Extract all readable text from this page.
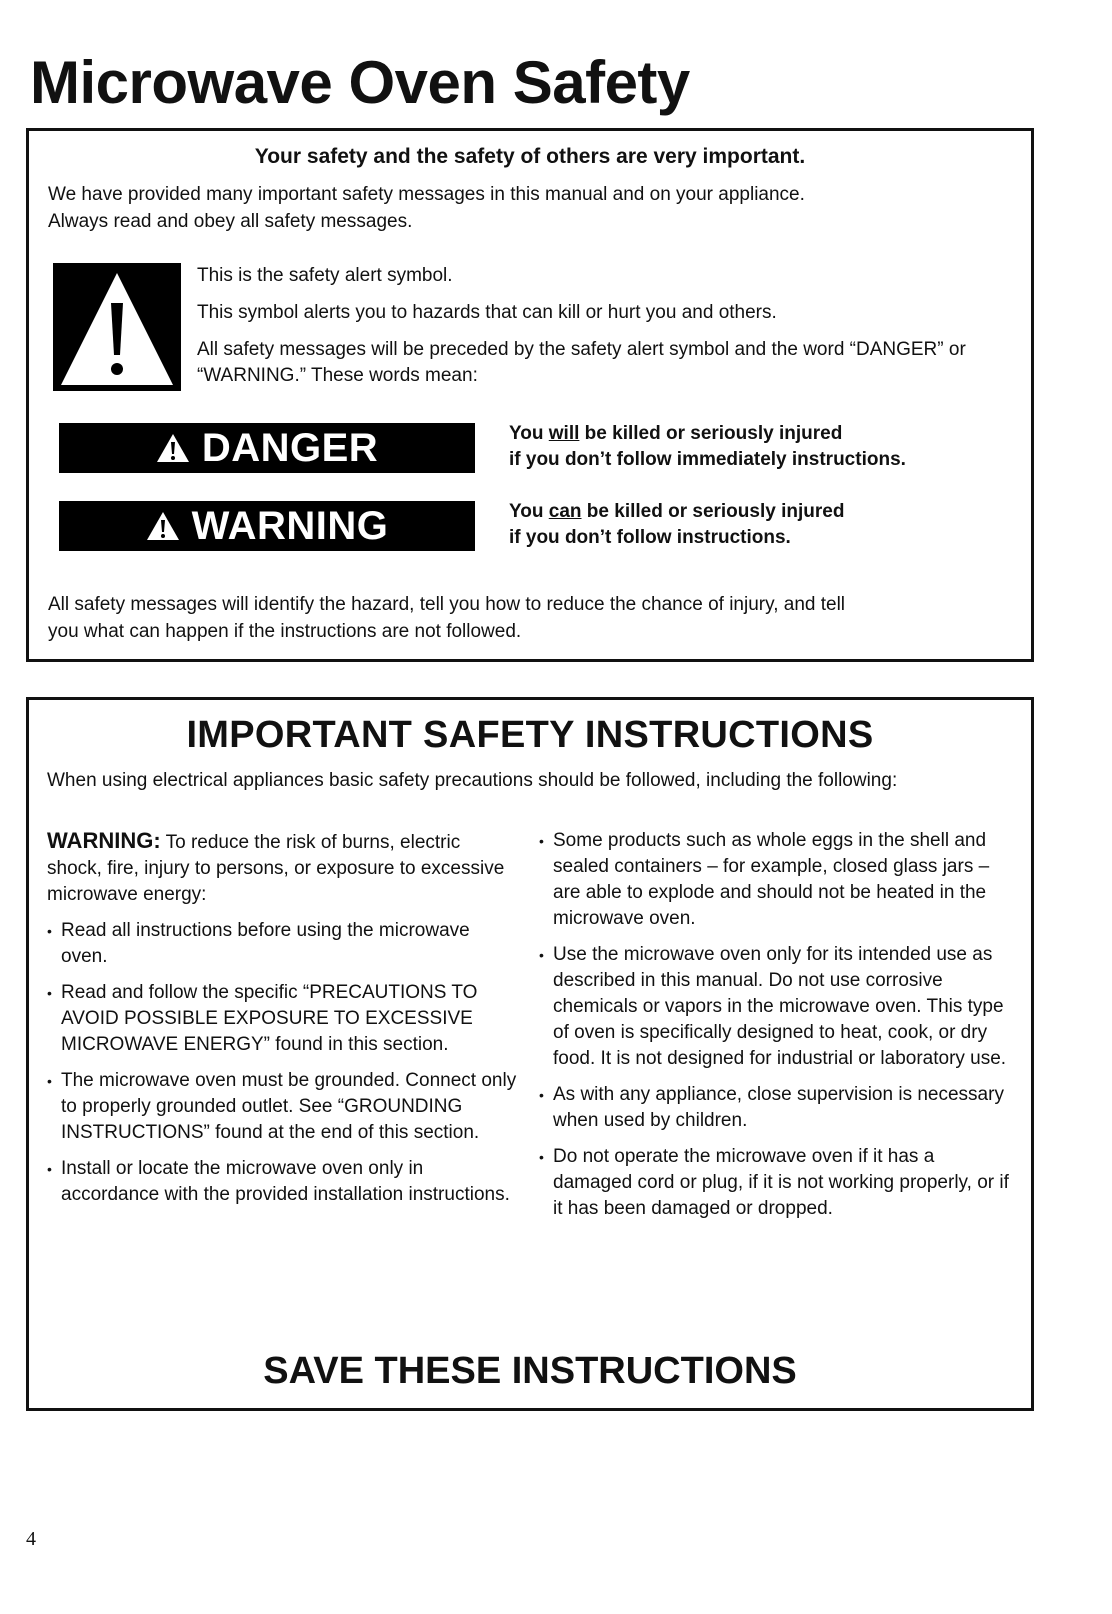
Microwave Oven Safety
Your safety and the safety of others are very important.
We have provided many important safety messages in this manual and on your appliance.
Always read and obey all safety messages.

This is the safety alert symbol.

This symbol alerts you to hazards that can kill or hurt you and others.

All safety messages will be preceded by the safety alert symbol and the word “DANGER” or “WARNING.” These words mean:

DANGER	You will be killed or seriously injured
if you don’t follow immediately instructions.
WARNING	You can be killed or seriously injured
if you don’t follow instructions.
All safety messages will identify the hazard, tell you how to reduce the chance of injury, and tell
you what can happen if the instructions are not followed.
IMPORTANT SAFETY INSTRUCTIONS
When using electrical appliances basic safety precautions should be followed, including the following:

WARNING: To reduce the risk of burns, electric shock, fire, injury to persons, or exposure to excessive microwave energy:

• Read all instructions before using the microwave oven.

• Read and follow the specific “PRECAUTIONS TO AVOID POSSIBLE EXPOSURE TO EXCESSIVE MICROWAVE ENERGY” found in this section.

• The microwave oven must be grounded. Connect only to properly grounded outlet. See “GROUNDING INSTRUCTIONS” found at the end of this section.

• Install or locate the microwave oven only in accordance with the provided installation instructions.

• Some products such as whole eggs in the shell and sealed containers – for example, closed glass jars – are able to explode and should not be heated in the microwave oven.

• Use the microwave oven only for its intended use as described in this manual. Do not use corrosive chemicals or vapors in the microwave oven. This type of oven is specifically designed to heat, cook, or dry food. It is not designed for industrial or laboratory use.

• As with any appliance, close supervision is necessary when used by children.

• Do not operate the microwave oven if it has a damaged cord or plug, if it is not working properly, or if it has been damaged or dropped.

SAVE THESE INSTRUCTIONS
4
